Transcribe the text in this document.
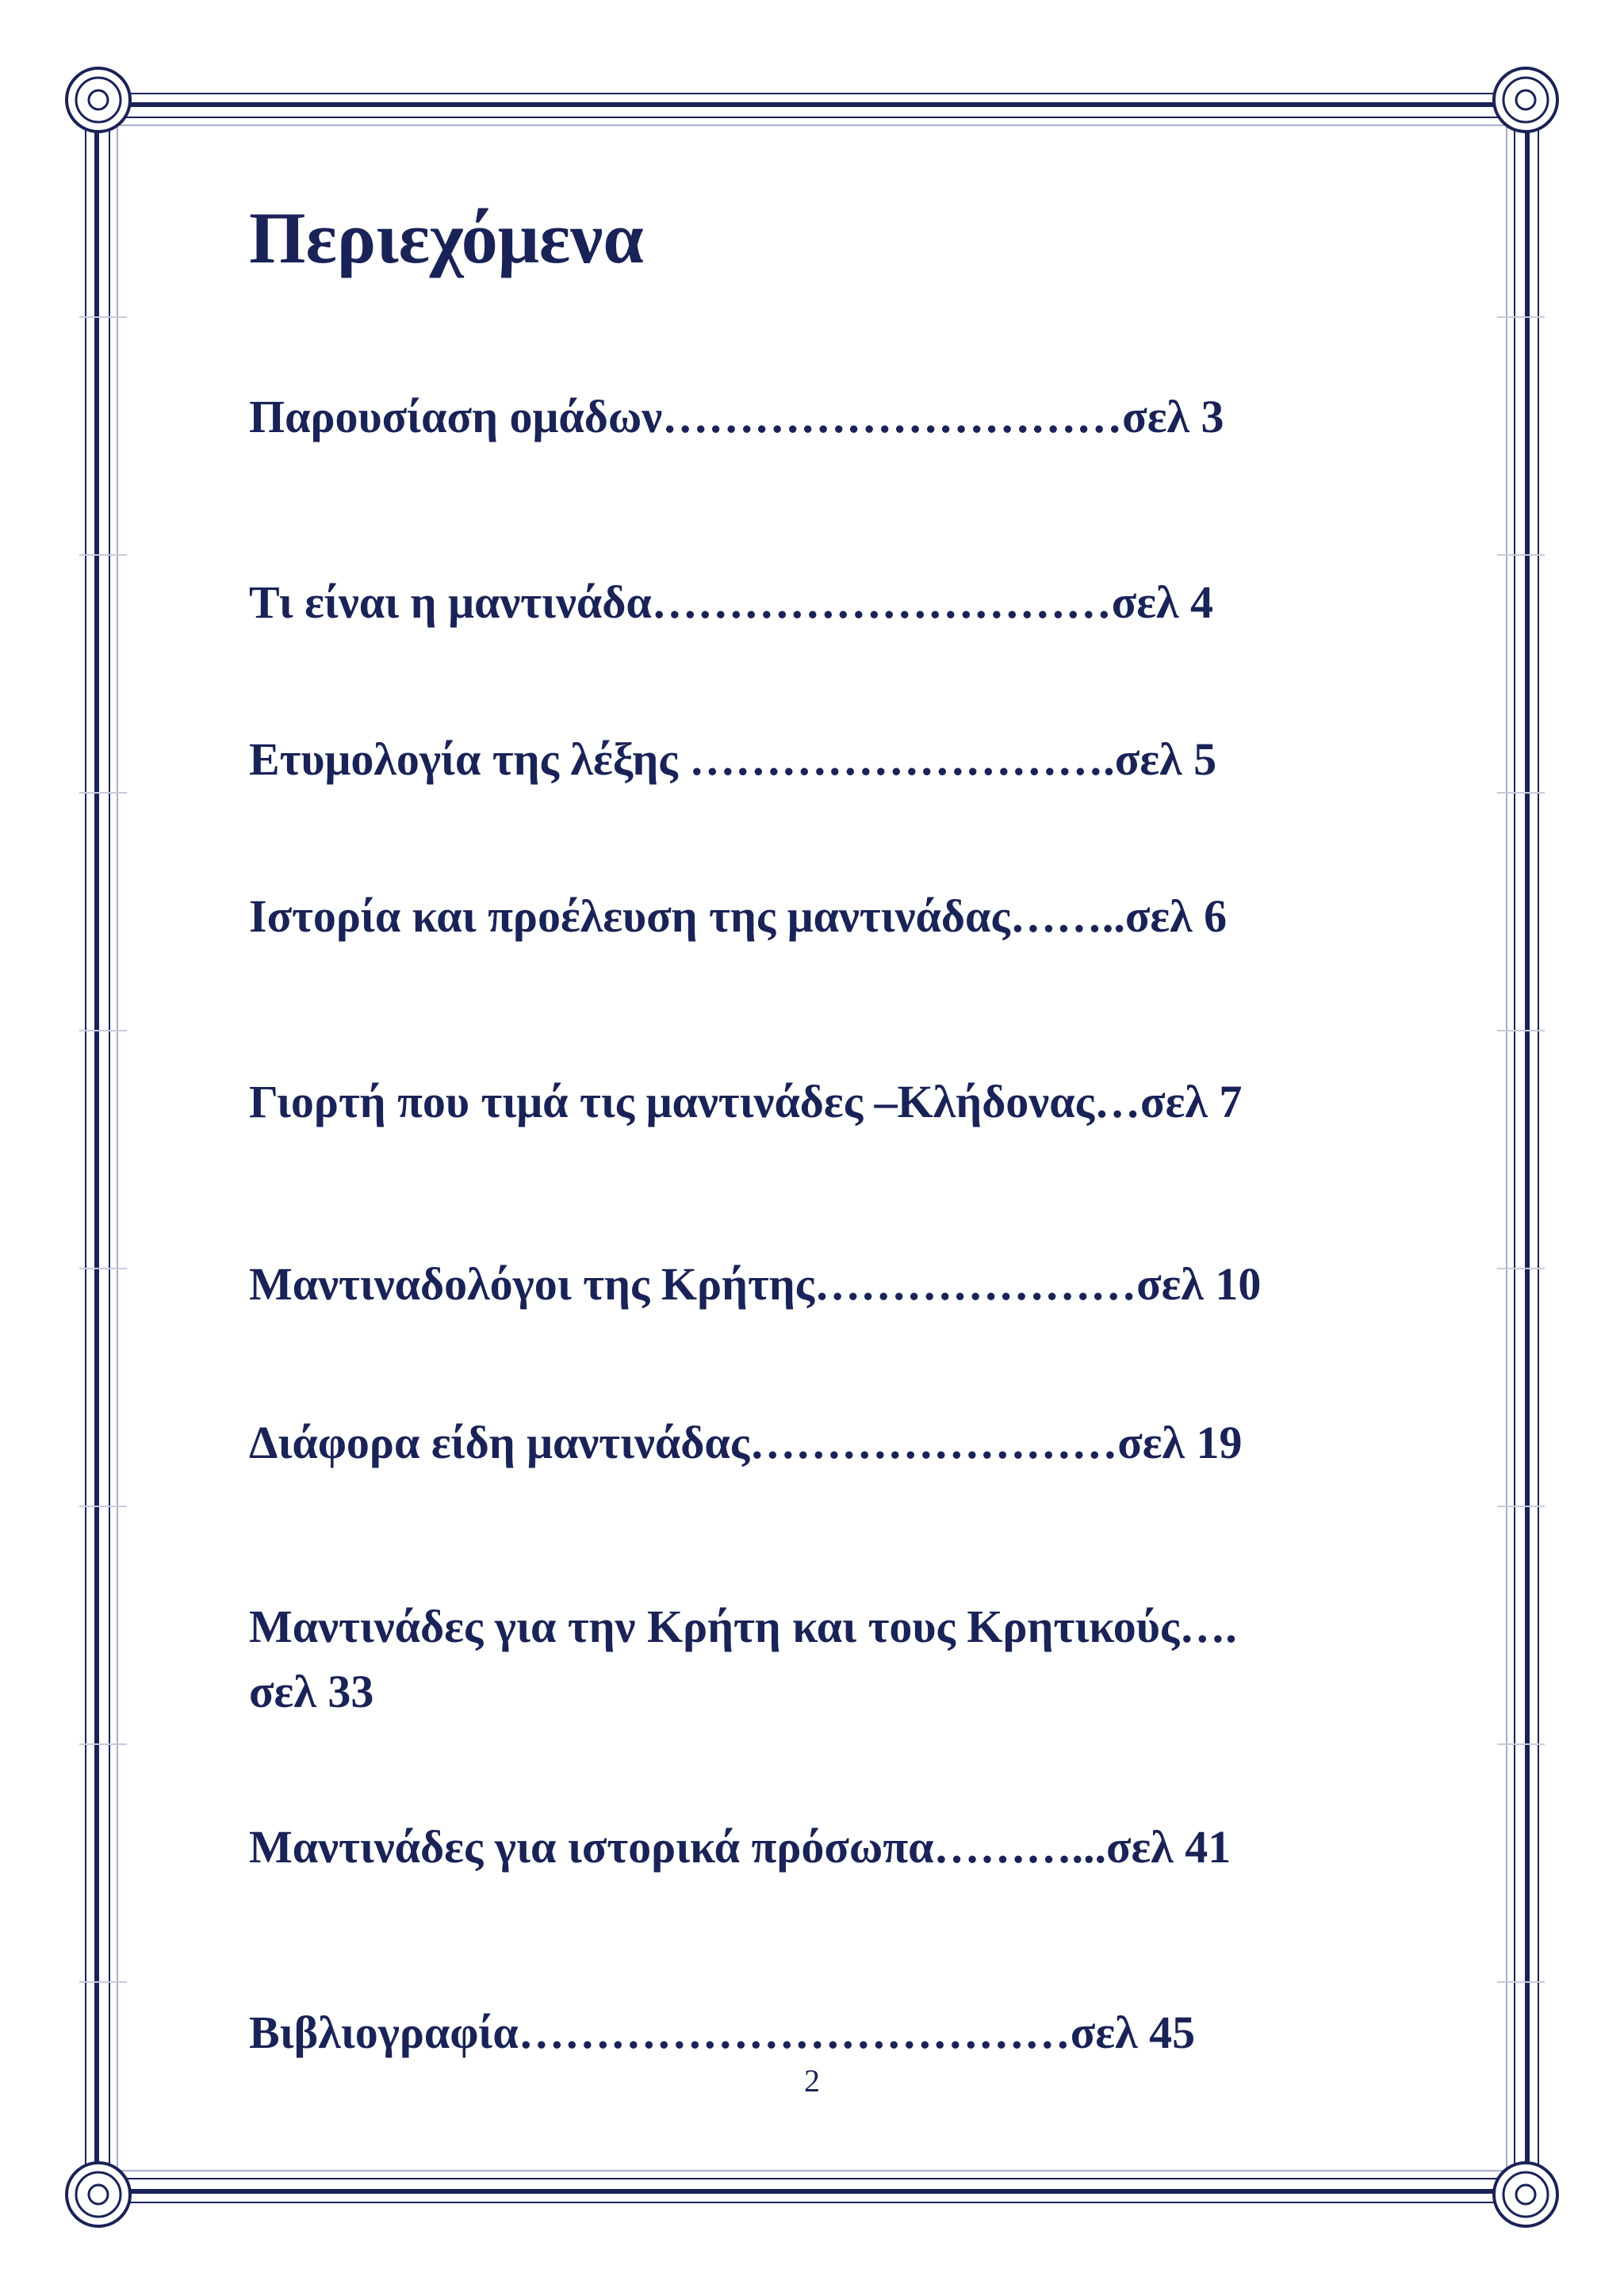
Περιεχόμενα

Παρουσίαση ομάδων…………………………σελ 3

Τι είναι η μαντινάδα…………………………σελ 4

Ετυμολογία της λέξης ……………………….σελ 5

Ιστορία και προέλευση της μαντινάδας……..σελ 6

Γιορτή που τιμά τις μαντινάδες –Κλήδονας…σελ 7

Μαντιναδολόγοι της Κρήτης…………………σελ 10

Διάφορα είδη μαντινάδας……………………σελ 19

Μαντινάδες για την Κρήτη και τους Κρητικούς….

σελ 33

Μαντινάδες για ιστορικά πρόσωπα………...σελ 41

Βιβλιογραφία………………………………σελ 45

2
